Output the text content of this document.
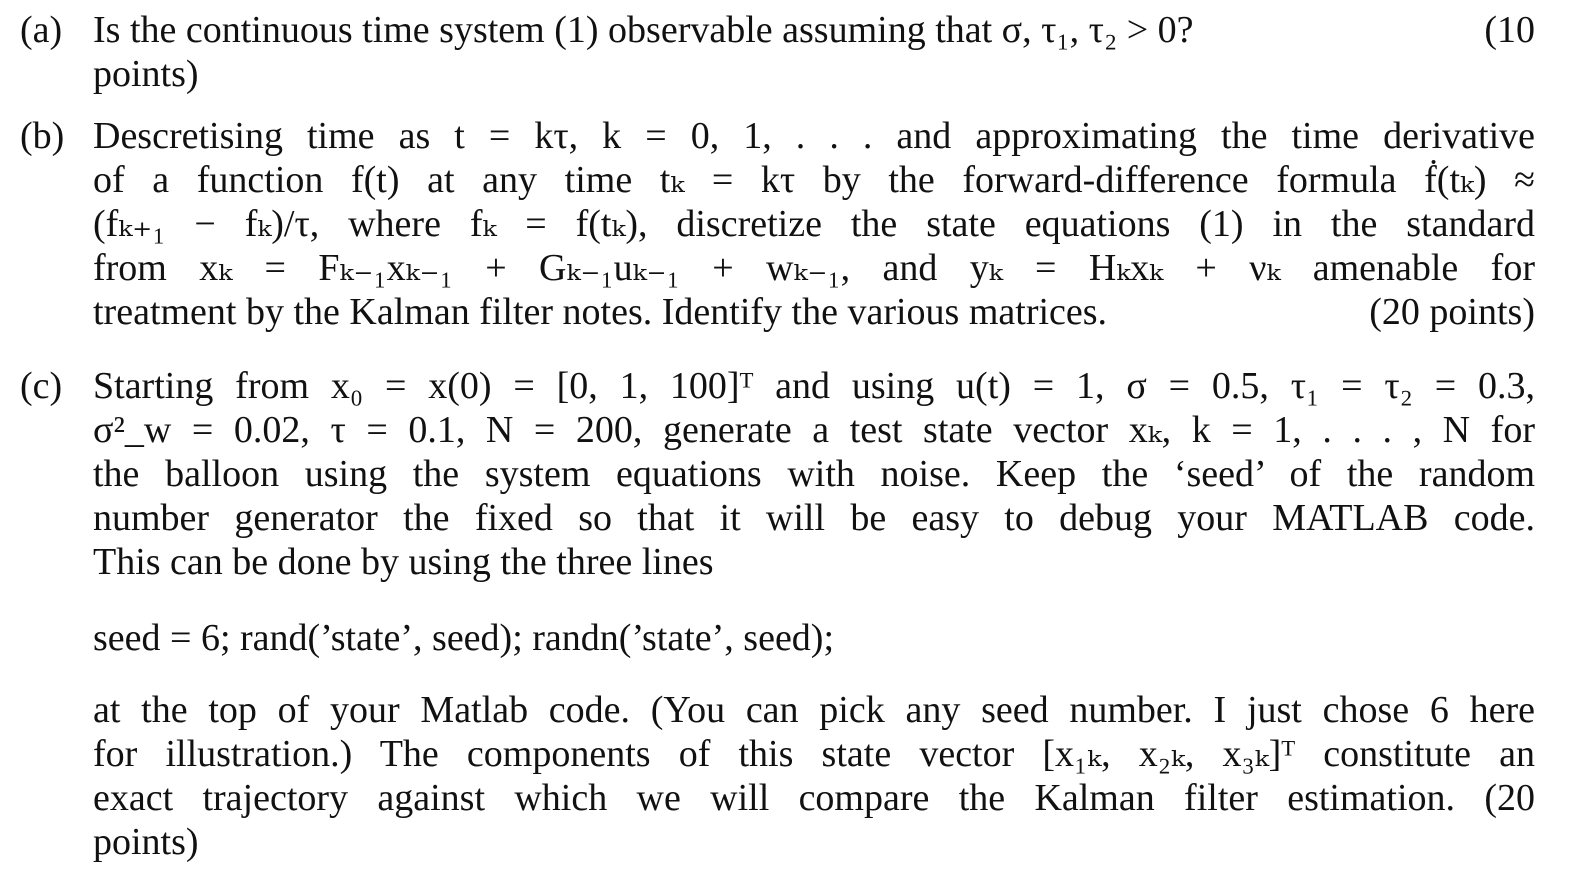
(a) Is the continuous time system (1) observable assuming that σ, τ₁, τ₂ > 0?
points)
(10
(b) Descretising time as t = kτ, k = 0, 1, . . . and approximating the time derivative
of a function f(t) at any time tₖ = kτ by the forward-difference formula ḟ(tₖ) ≈
(fₖ₊₁ − fₖ)/τ, where fₖ = f(tₖ), discretize the state equations (1) in the standard
from xₖ = Fₖ₋₁xₖ₋₁ + Gₖ₋₁uₖ₋₁ + wₖ₋₁, and yₖ = Hₖxₖ + νₖ amenable for
treatment by the Kalman filter notes. Identify the various matrices.	(20 points)
(c) Starting from x₀ = x(0) = [0, 1, 100]ᵀ and using u(t) = 1, σ = 0.5, τ₁ = τ₂ = 0.3,
σ²_w = 0.02, τ = 0.1, N = 200, generate a test state vector xₖ, k = 1, . . . , N for
the balloon using the system equations with noise. Keep the ‘seed’ of the random
number generator the fixed so that it will be easy to debug your MATLAB code.
This can be done by using the three lines
seed = 6; rand(’state’, seed); randn(’state’, seed);
at the top of your Matlab code. (You can pick any seed number. I just chose 6 here
for illustration.) The components of this state vector [x₁ₖ, x₂ₖ, x₃ₖ]ᵀ constitute an
exact trajectory against which we will compare the Kalman filter estimation. (20
points)
